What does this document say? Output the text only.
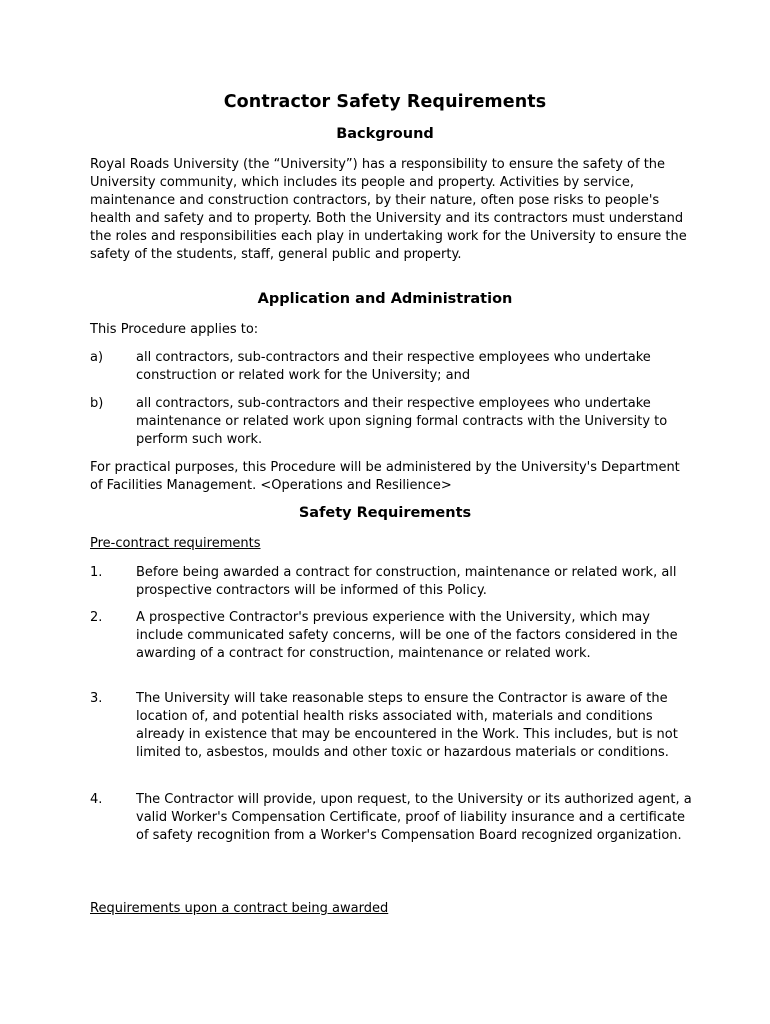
Contractor Safety Requirements
Background

Royal Roads University (the “University”) has a responsibility to ensure the safety of the University community, which includes its people and property. Activities by service, maintenance and construction contractors, by their nature, often pose risks to people's health and safety and to property. Both the University and its contractors must understand the roles and responsibilities each play in undertaking work for the University to ensure the safety of the students, staff, general public and property.

Application and Administration

This Procedure applies to:

a)	all contractors, sub-contractors and their respective employees who undertake construction or related work for the University; and

b)	all contractors, sub-contractors and their respective employees who undertake maintenance or related work upon signing formal contracts with the University to perform such work.

For practical purposes, this Procedure will be administered by the University's Department of Facilities Management. <Operations and Resilience>

Safety Requirements

Pre-contract requirements

1.	Before being awarded a contract for construction, maintenance or related work, all prospective contractors will be informed of this Policy.

2.	A prospective Contractor's previous experience with the University, which may include communicated safety concerns, will be one of the factors considered in the awarding of a contract for construction, maintenance or related work.

3.	The University will take reasonable steps to ensure the Contractor is aware of the location of, and potential health risks associated with, materials and conditions already in existence that may be encountered in the Work. This includes, but is not limited to, asbestos, moulds and other toxic or hazardous materials or conditions.

4.	The Contractor will provide, upon request, to the University or its authorized agent, a valid Worker's Compensation Certificate, proof of liability insurance and a certificate of safety recognition from a Worker's Compensation Board recognized organization.

Requirements upon a contract being awarded
